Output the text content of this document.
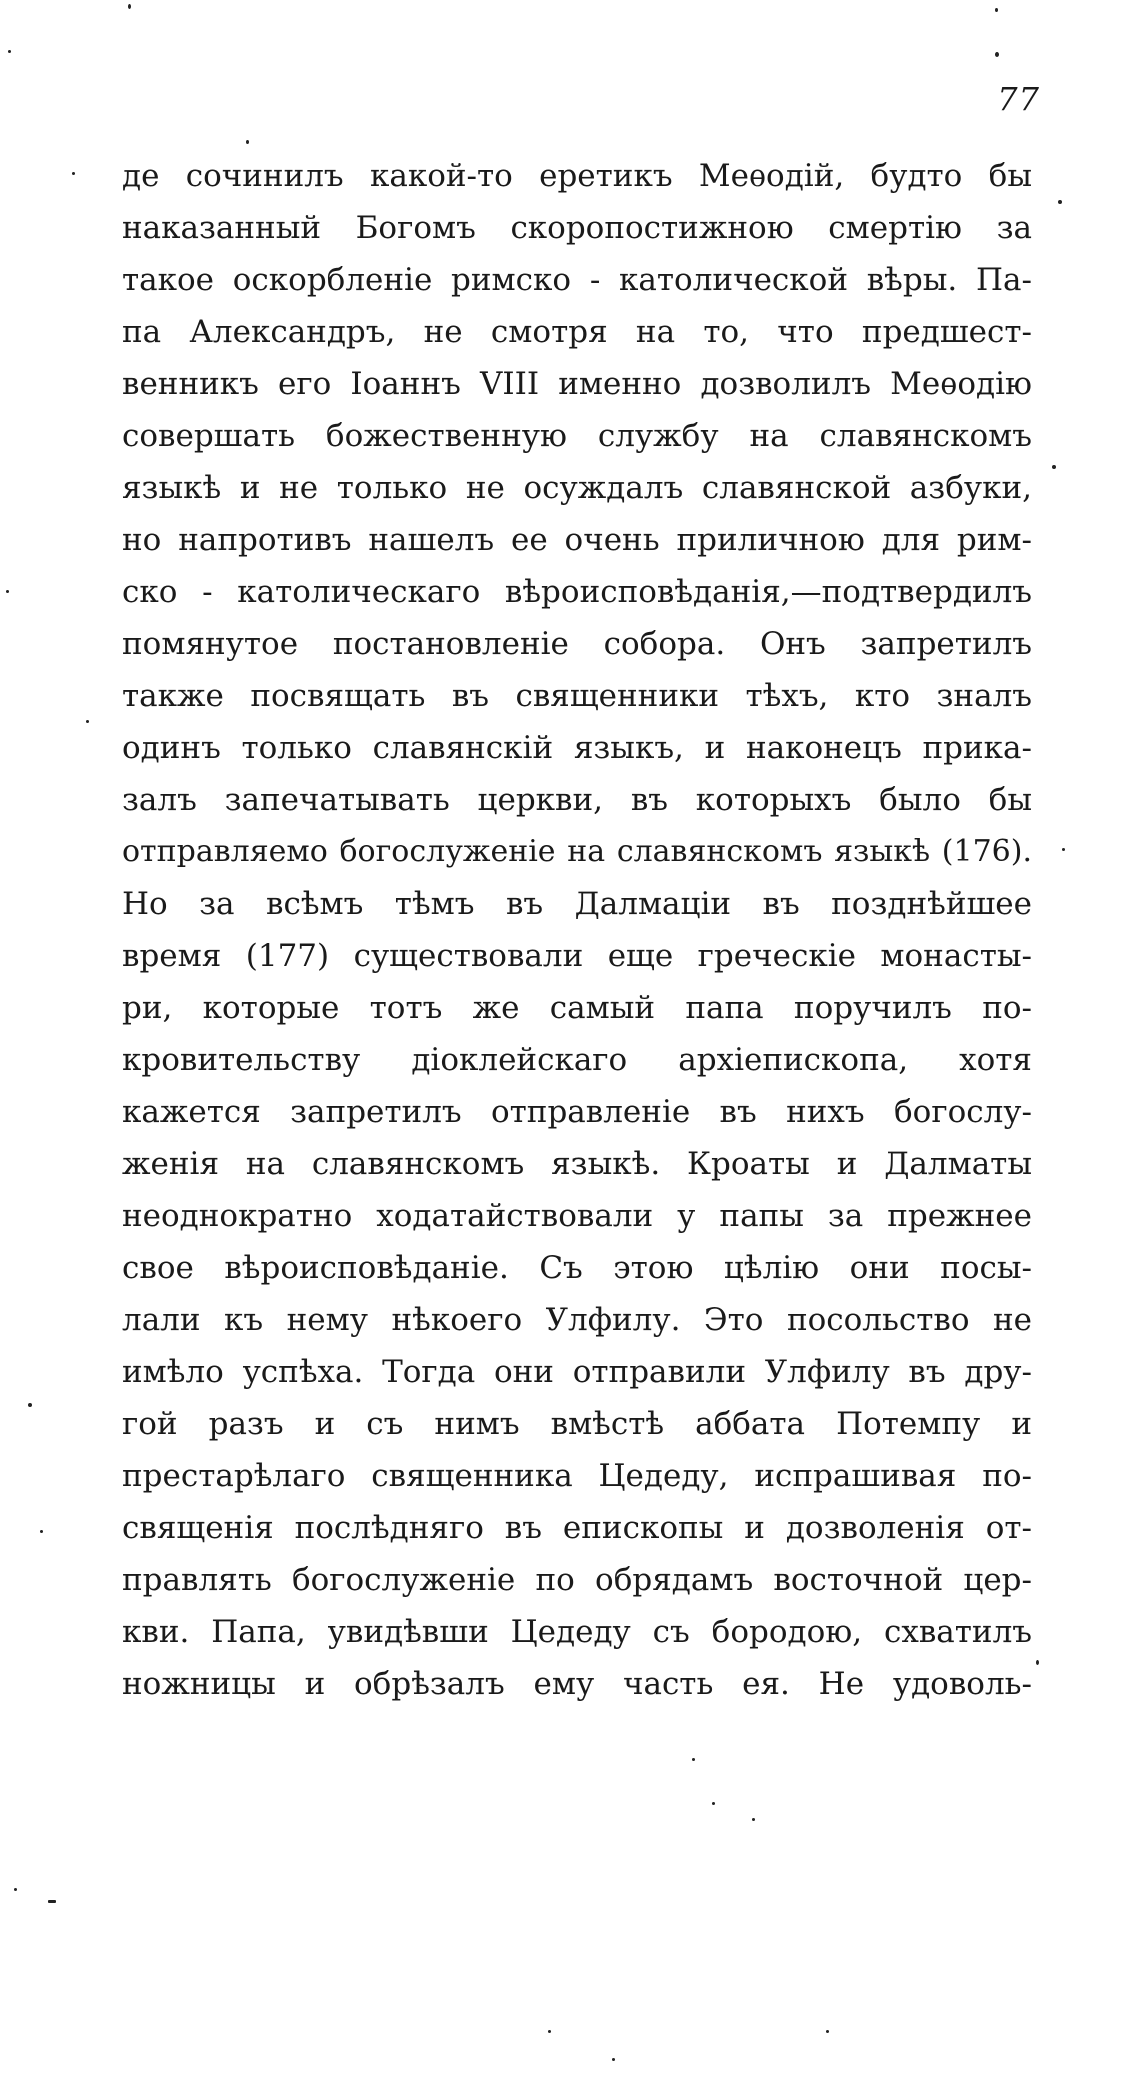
77
де сочинилъ какой-то еретикъ Меѳодій, будто бы
наказанный Богомъ скоропостижною смертію за
такое оскорбленіе римско - католической вѣры. Па-
па Александръ, не смотря на то, что предшест-
венникъ его Іоаннъ VIII именно дозволилъ Меѳодію
совершать божественную службу на славянскомъ
языкѣ и не только не осуждалъ славянской азбуки,
но напротивъ нашелъ ее очень приличною для рим-
ско - католическаго вѣроисповѣданія,—подтвердилъ
помянутое постановленіе собора. Онъ запретилъ
также посвящать въ священники тѣхъ, кто зналъ
одинъ только славянскій языкъ, и наконецъ прика-
залъ запечатывать церкви, въ которыхъ было бы
отправляемо богослуженіе на славянскомъ языкѣ (176).
Но за всѣмъ тѣмъ въ Далмаціи въ позднѣйшее
время (177) существовали еще греческіе монасты-
ри, которые тотъ же самый папа поручилъ по-
кровительству діоклейскаго архіепископа, хотя
кажется запретилъ отправленіе въ нихъ богослу-
женія на славянскомъ языкѣ. Кроаты и Далматы
неоднократно ходатайствовали у папы за прежнее
свое вѣроисповѣданіе. Съ этою цѣлію они посы-
лали къ нему нѣкоего Улфилу. Это посольство не
имѣло успѣха. Тогда они отправили Улфилу въ дру-
гой разъ и съ нимъ вмѣстѣ аббата Потемпу и
престарѣлаго священника Цедеду, испрашивая по-
священія послѣдняго въ епископы и дозволенія от-
правлять богослуженіе по обрядамъ восточной цер-
кви. Папа, увидѣвши Цедеду съ бородою, схватилъ
ножницы и обрѣзалъ ему часть ея. Не удоволь-
